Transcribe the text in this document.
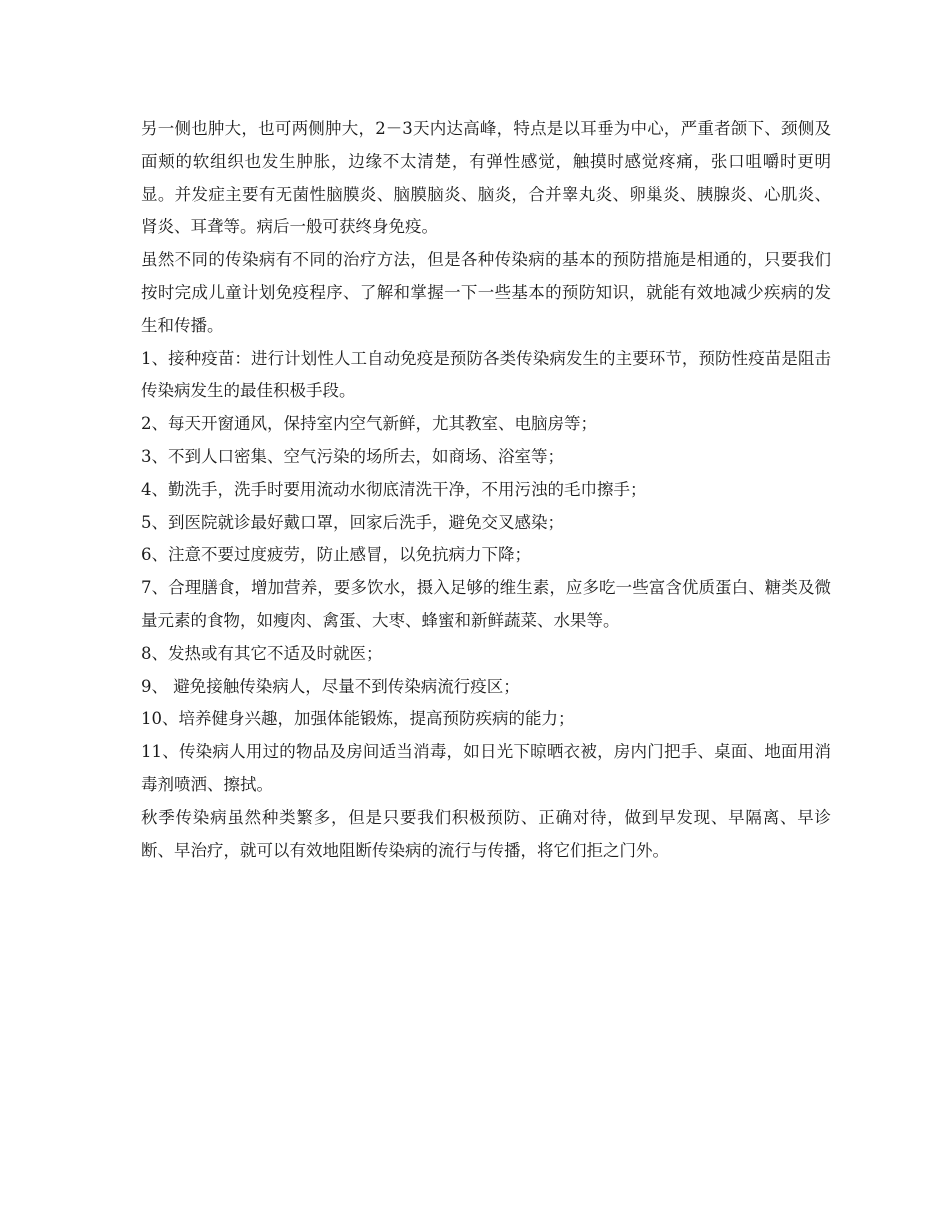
另一侧也肿大，也可两侧肿大，2－3天内达高峰，特点是以耳垂为中心，严重者颌下、颈侧及面颊的软组织也发生肿胀，边缘不太清楚，有弹性感觉，触摸时感觉疼痛，张口咀嚼时更明显。并发症主要有无菌性脑膜炎、脑膜脑炎、脑炎，合并睾丸炎、卵巢炎、胰腺炎、心肌炎、肾炎、耳聋等。病后一般可获终身免疫。

虽然不同的传染病有不同的治疗方法，但是各种传染病的基本的预防措施是相通的，只要我们按时完成儿童计划免疫程序、了解和掌握一下一些基本的预防知识，就能有效地减少疾病的发生和传播。

1、接种疫苗：进行计划性人工自动免疫是预防各类传染病发生的主要环节，预防性疫苗是阻击传染病发生的最佳积极手段。

2、每天开窗通风，保持室内空气新鲜，尤其教室、电脑房等；

3、不到人口密集、空气污染的场所去，如商场、浴室等；

4、勤洗手，洗手时要用流动水彻底清洗干净，不用污浊的毛巾擦手；

5、到医院就诊最好戴口罩，回家后洗手，避免交叉感染；

6、注意不要过度疲劳，防止感冒，以免抗病力下降；

7、合理膳食，增加营养，要多饮水，摄入足够的维生素，应多吃一些富含优质蛋白、糖类及微量元素的食物，如瘦肉、禽蛋、大枣、蜂蜜和新鲜蔬菜、水果等。

8、发热或有其它不适及时就医；

9、 避免接触传染病人，尽量不到传染病流行疫区；

10、培养健身兴趣，加强体能锻炼，提高预防疾病的能力；

11、传染病人用过的物品及房间适当消毒，如日光下晾晒衣被，房内门把手、桌面、地面用消毒剂喷洒、擦拭。

秋季传染病虽然种类繁多，但是只要我们积极预防、正确对待，做到早发现、早隔离、早诊断、早治疗，就可以有效地阻断传染病的流行与传播，将它们拒之门外。
